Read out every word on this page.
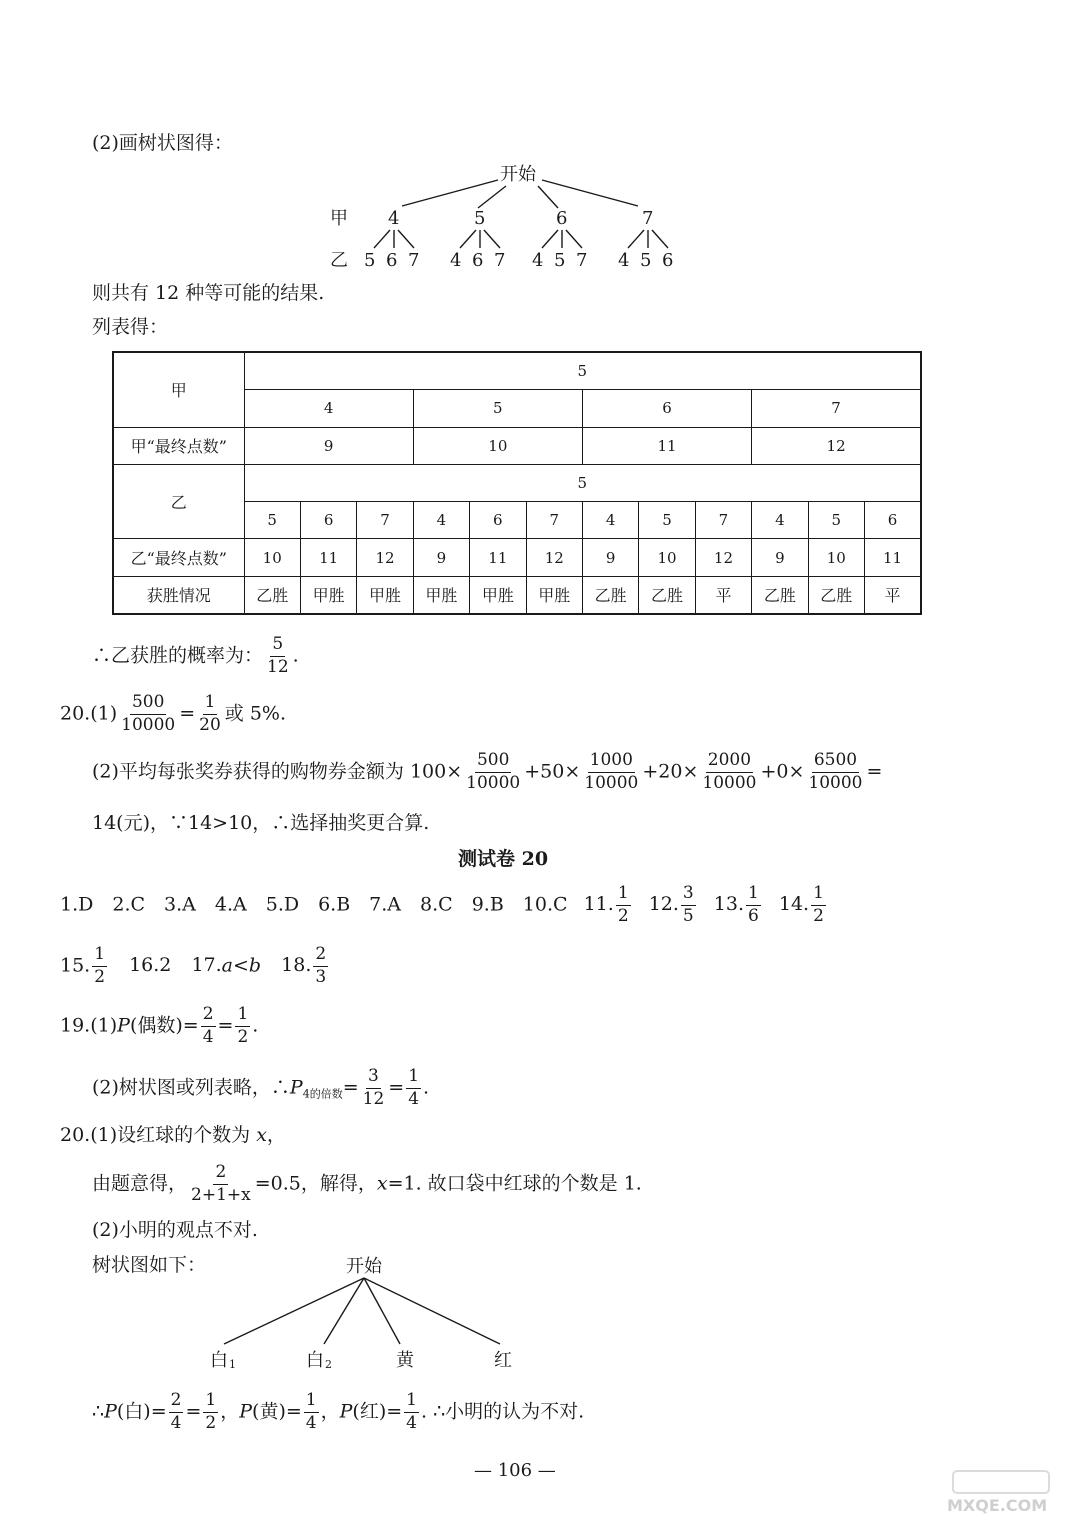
(2)画树状图得：
开始
甲 4	5	6	7
乙 5 6 7 4 6 7 4 5 7 4 5 6
则共有 12 种等可能的结果.
列表得：
甲	5											
	4			5			6			7		
甲“最终点数”	9			10			11			12		
乙	5											
	5	6	7	4	6	7	4	5	7	4	5	6
乙“最终点数”	10	11	12	9	11	12	9	10	12	9	10	11
获胜情况	乙胜	甲胜	甲胜	甲胜	甲胜	甲胜	乙胜	乙胜	平	乙胜	乙胜	平
∴乙获胜的概率为： $\frac{5}{12}$ .
$20.(1) \frac{500}{10000} = \frac{1}{20}$ 或 5%.
(2)平均每张奖券获得的购物券金额为 $100\times \frac{500}{10000} +50\times \frac{1000}{10000} +20\times \frac{2000}{10000} +0\times \frac{6500}{10000}$ =
14(元)，∵14>10，∴选择抽奖更合算.
测试卷 20
1.D　2.C　3.A　4.A　5.D　6.B　7.A　8.C　9.B　10.C 11. $\frac{1}{2} 12$. $\frac{3}{5} 13$. $\frac{1}{6} 14$. $\frac{1}{2}$
15. $\frac{1}{2} 16.2$ 17.a<b 18. $\frac{2}{3}$
19.(1)P(偶数)= $\frac{2}{4} = \frac{1}{2}$ .
(2)树状图或列表略，$\therefore P_{4的倍数}= \frac{3}{12} = \frac{1}{4}$ .
20.(1)设红球的个数为 x，
由题意得， $\frac{2}{2+1+x} =0.5$，解得，x=1. 故口袋中红球的个数是 1.
(2)小明的观点不对.
树状图如下：	开始
白 1	白 2	黄	红
∴P(白)= $\frac{2}{4} = \frac{1}{2}$ ，P(黄)= $\frac{1}{4}$ ，P(红)= $\frac{1}{4}$ . ∴小明的认为不对.
— 106 —
MXQE.COM
